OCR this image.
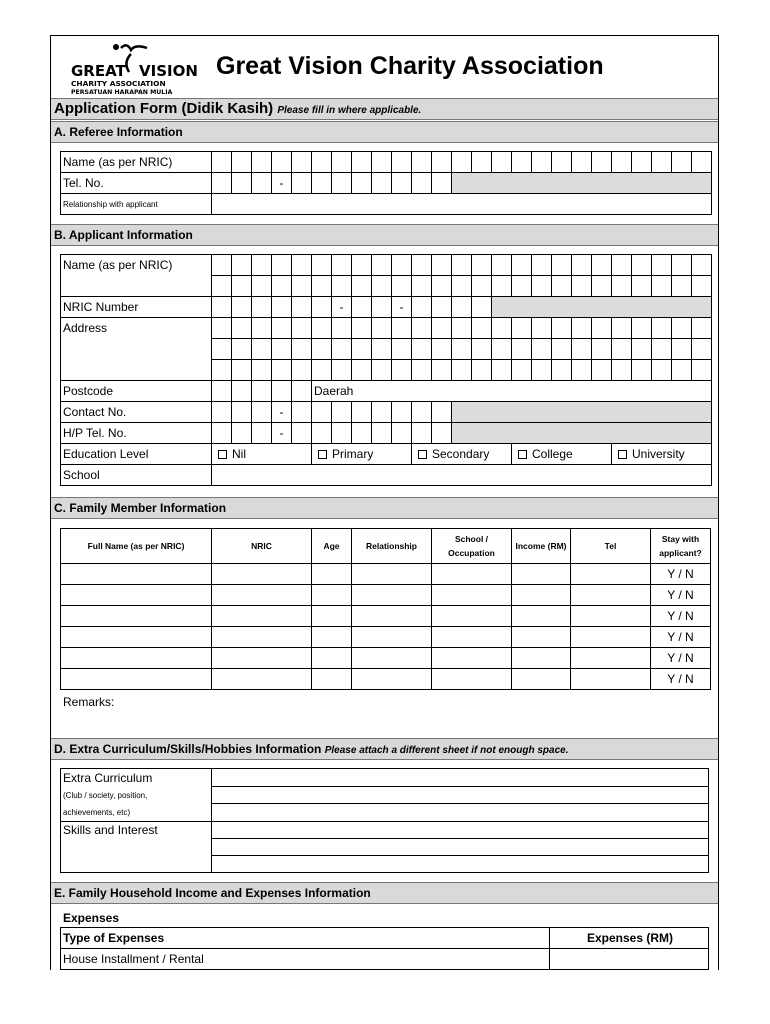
GREAT VISION
CHARITY ASSOCIATION
PERSATUAN HARAPAN MULIA
Great Vision Charity Association
Application Form (Didik Kasih) Please fill in where applicable.
A. Referee Information
Name (as per NRIC)																									
Tel. No.				-																					
Relationship with applicant																									
B. Applicant Information
Name (as per NRIC)																									

NRIC Number							-			-															
Address																									

Postcode						Daerah																			
Contact No.				-																					
H/P Tel. No.				-																					
Education Level	Nil					Primary					Secondary					College					University				
School																									
C. Family Member Information
Full Name (as per NRIC)	NRIC	Age	Relationship	School / Occupation	Income (RM)	Tel	Stay with applicant?
							Y / N
							Y / N
							Y / N
							Y / N
							Y / N
							Y / N
Remarks:
D. Extra Curriculum/Skills/Hobbies Information Please attach a different sheet if not enough space.
Extra Curriculum
(Club / society, position,
achievements, etc)	

Skills and Interest	

E. Family Household Income and Expenses Information
Expenses
Type of Expenses	Expenses (RM)
House Installment / Rental	
